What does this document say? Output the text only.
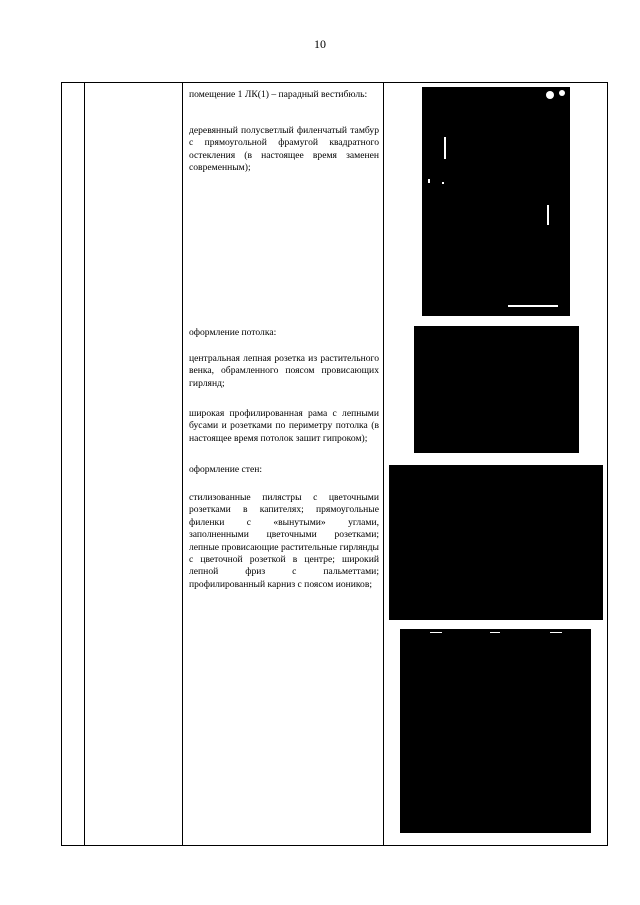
10

помещение 1 ЛК(1) – парадный вестибюль:

деревянный полусветлый филенчатый тамбур с прямоугольной фрамугой квадратного остекления (в настоящее время заменен современным);

оформление потолка:

центральная лепная розетка из растительного венка, обрамленного поясом провисающих гирлянд;

широкая профилированная рама с лепными бусами и розетками по периметру потолка (в настоящее время потолок зашит гипроком);

оформление стен:

стилизованные пилястры с цветочными розетками в капителях; прямоугольные филенки с «вынутыми» углами, заполненными цветочными розетками; лепные провисающие растительные гирлянды с цветочной розеткой в центре; широкий лепной фриз с пальметтами; профилированный карниз с поясом иоников;
